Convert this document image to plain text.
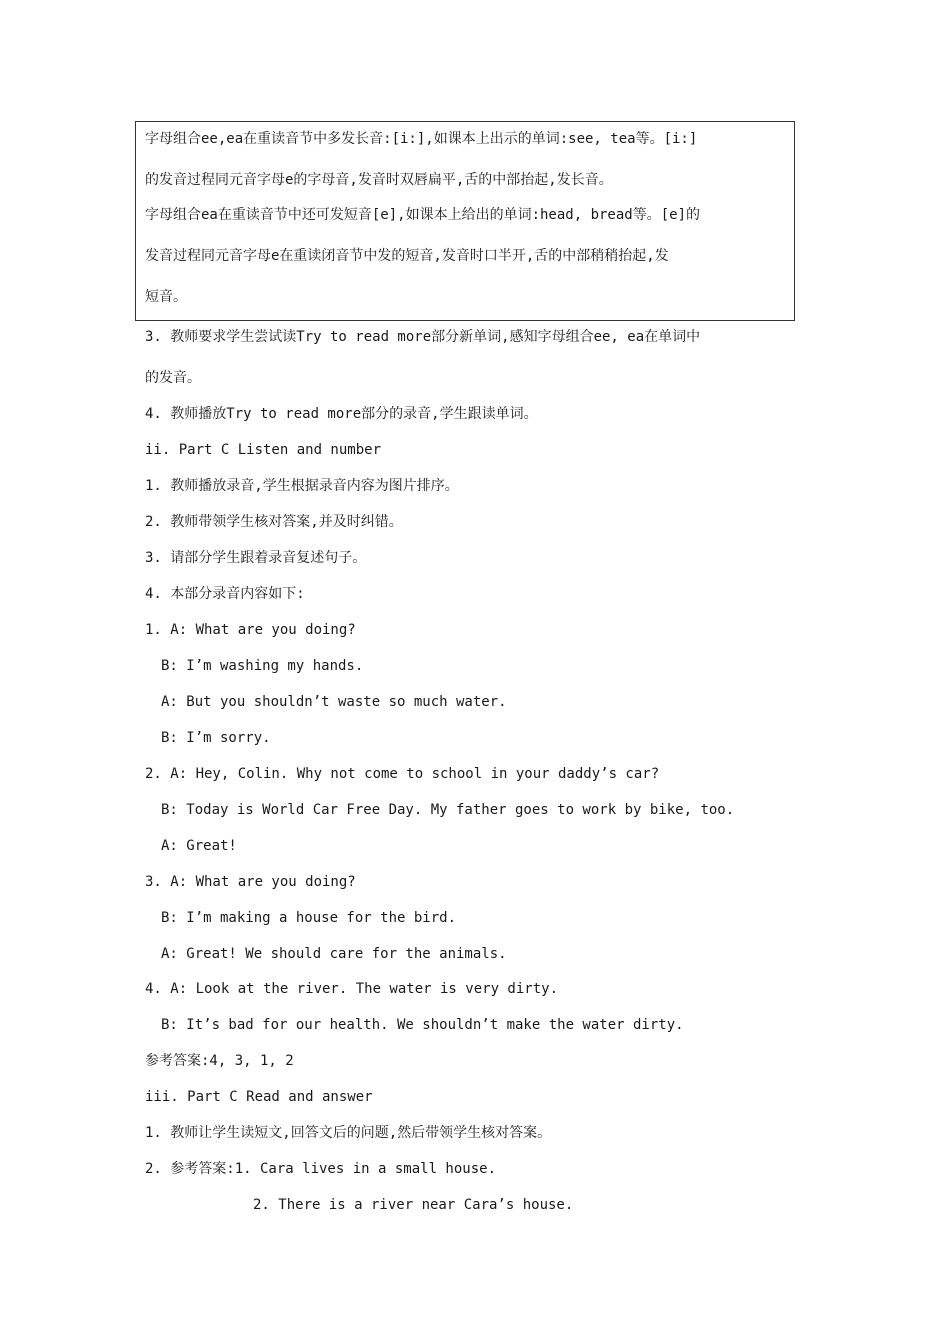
字母组合ee,ea在重读音节中多发长音:[i:],如课本上出示的单词:see, tea等。[i:]
的发音过程同元音字母e的字母音,发音时双唇扁平,舌的中部抬起,发长音。
字母组合ea在重读音节中还可发短音[e],如课本上给出的单词:head, bread等。[e]的
发音过程同元音字母e在重读闭音节中发的短音,发音时口半开,舌的中部稍稍抬起,发
短音。
3. 教师要求学生尝试读Try to read more部分新单词,感知字母组合ee, ea在单词中
的发音。
4. 教师播放Try to read more部分的录音,学生跟读单词。
ii. Part C Listen and number
1. 教师播放录音,学生根据录音内容为图片排序。
2. 教师带领学生核对答案,并及时纠错。
3. 请部分学生跟着录音复述句子。
4. 本部分录音内容如下:
1. A: What are you doing?
B: I’m washing my hands.
A: But you shouldn’t waste so much water.
B: I’m sorry.
2. A: Hey, Colin. Why not come to school in your daddy’s car?
B: Today is World Car Free Day. My father goes to work by bike, too.
A: Great!
3. A: What are you doing?
B: I’m making a house for the bird.
A: Great! We should care for the animals.
4. A: Look at the river. The water is very dirty.
B: It’s bad for our health. We shouldn’t make the water dirty.
参考答案:4, 3, 1, 2
iii. Part C Read and answer
1. 教师让学生读短文,回答文后的问题,然后带领学生核对答案。
2. 参考答案:1. Cara lives in a small house.
2. There is a river near Cara’s house.
